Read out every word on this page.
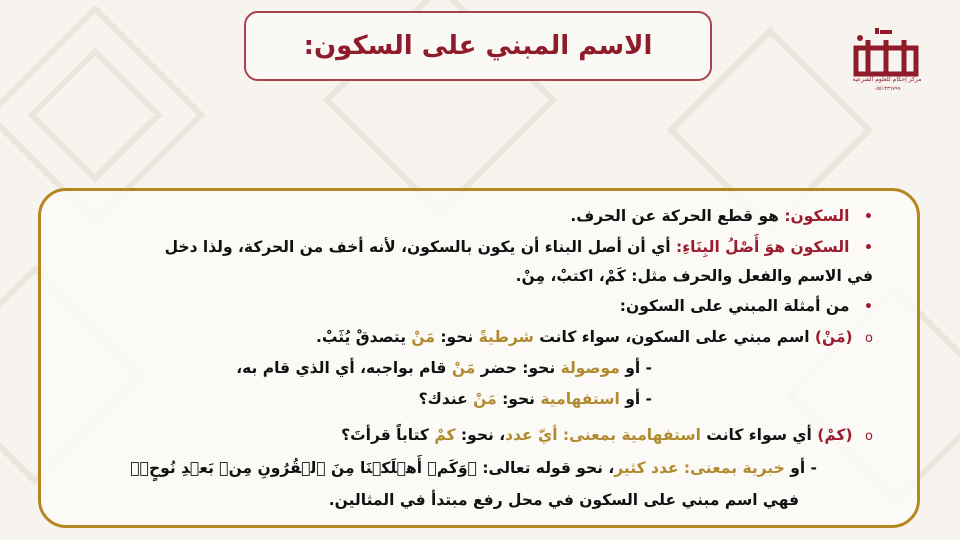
الاسم المبني على السكون:
مركز إحكام للعلوم الشرعية
٠٥٥١٣٣٦٧٩٩
•   السكون: هو قطع الحركة عن الحرف.
•   السكون هوَ أَصْلُ البِنَاءِ: أي أن أصل البناء أن يكون بالسكون، لأنه أخف من الحركة، ولذا دخل
في الاسم والفعل والحرف مثل: كَمْ، اكتبْ، مِنْ.
•   من أمثلة المبني على السكون:
o   (مَنْ) اسم مبني على السكون، سواء كانت شرطيةً نحو: مَنْ يتصدقْ يُثَبْ.
- أو موصولة نحو: حضر مَنْ قام بواجبه، أي الذي قام به،
- أو استفهامية نحو: مَنْ عندك؟
o   (كمْ) أي سواء كانت استفهامية بمعنى: أيّ عدد، نحو: كمْ كتاباً قرأتَ؟
- أو خبرية بمعنى: عدد كثير، نحو قوله تعالى: ﴿وَكَمۡ أَهۡلَكۡنَا مِنَ ٱلۡقُرُونِ مِنۢ بَعۡدِ نُوحٍۗ﴾
فهي اسم مبني على السكون في محل رفع مبتدأ في المثالين.
